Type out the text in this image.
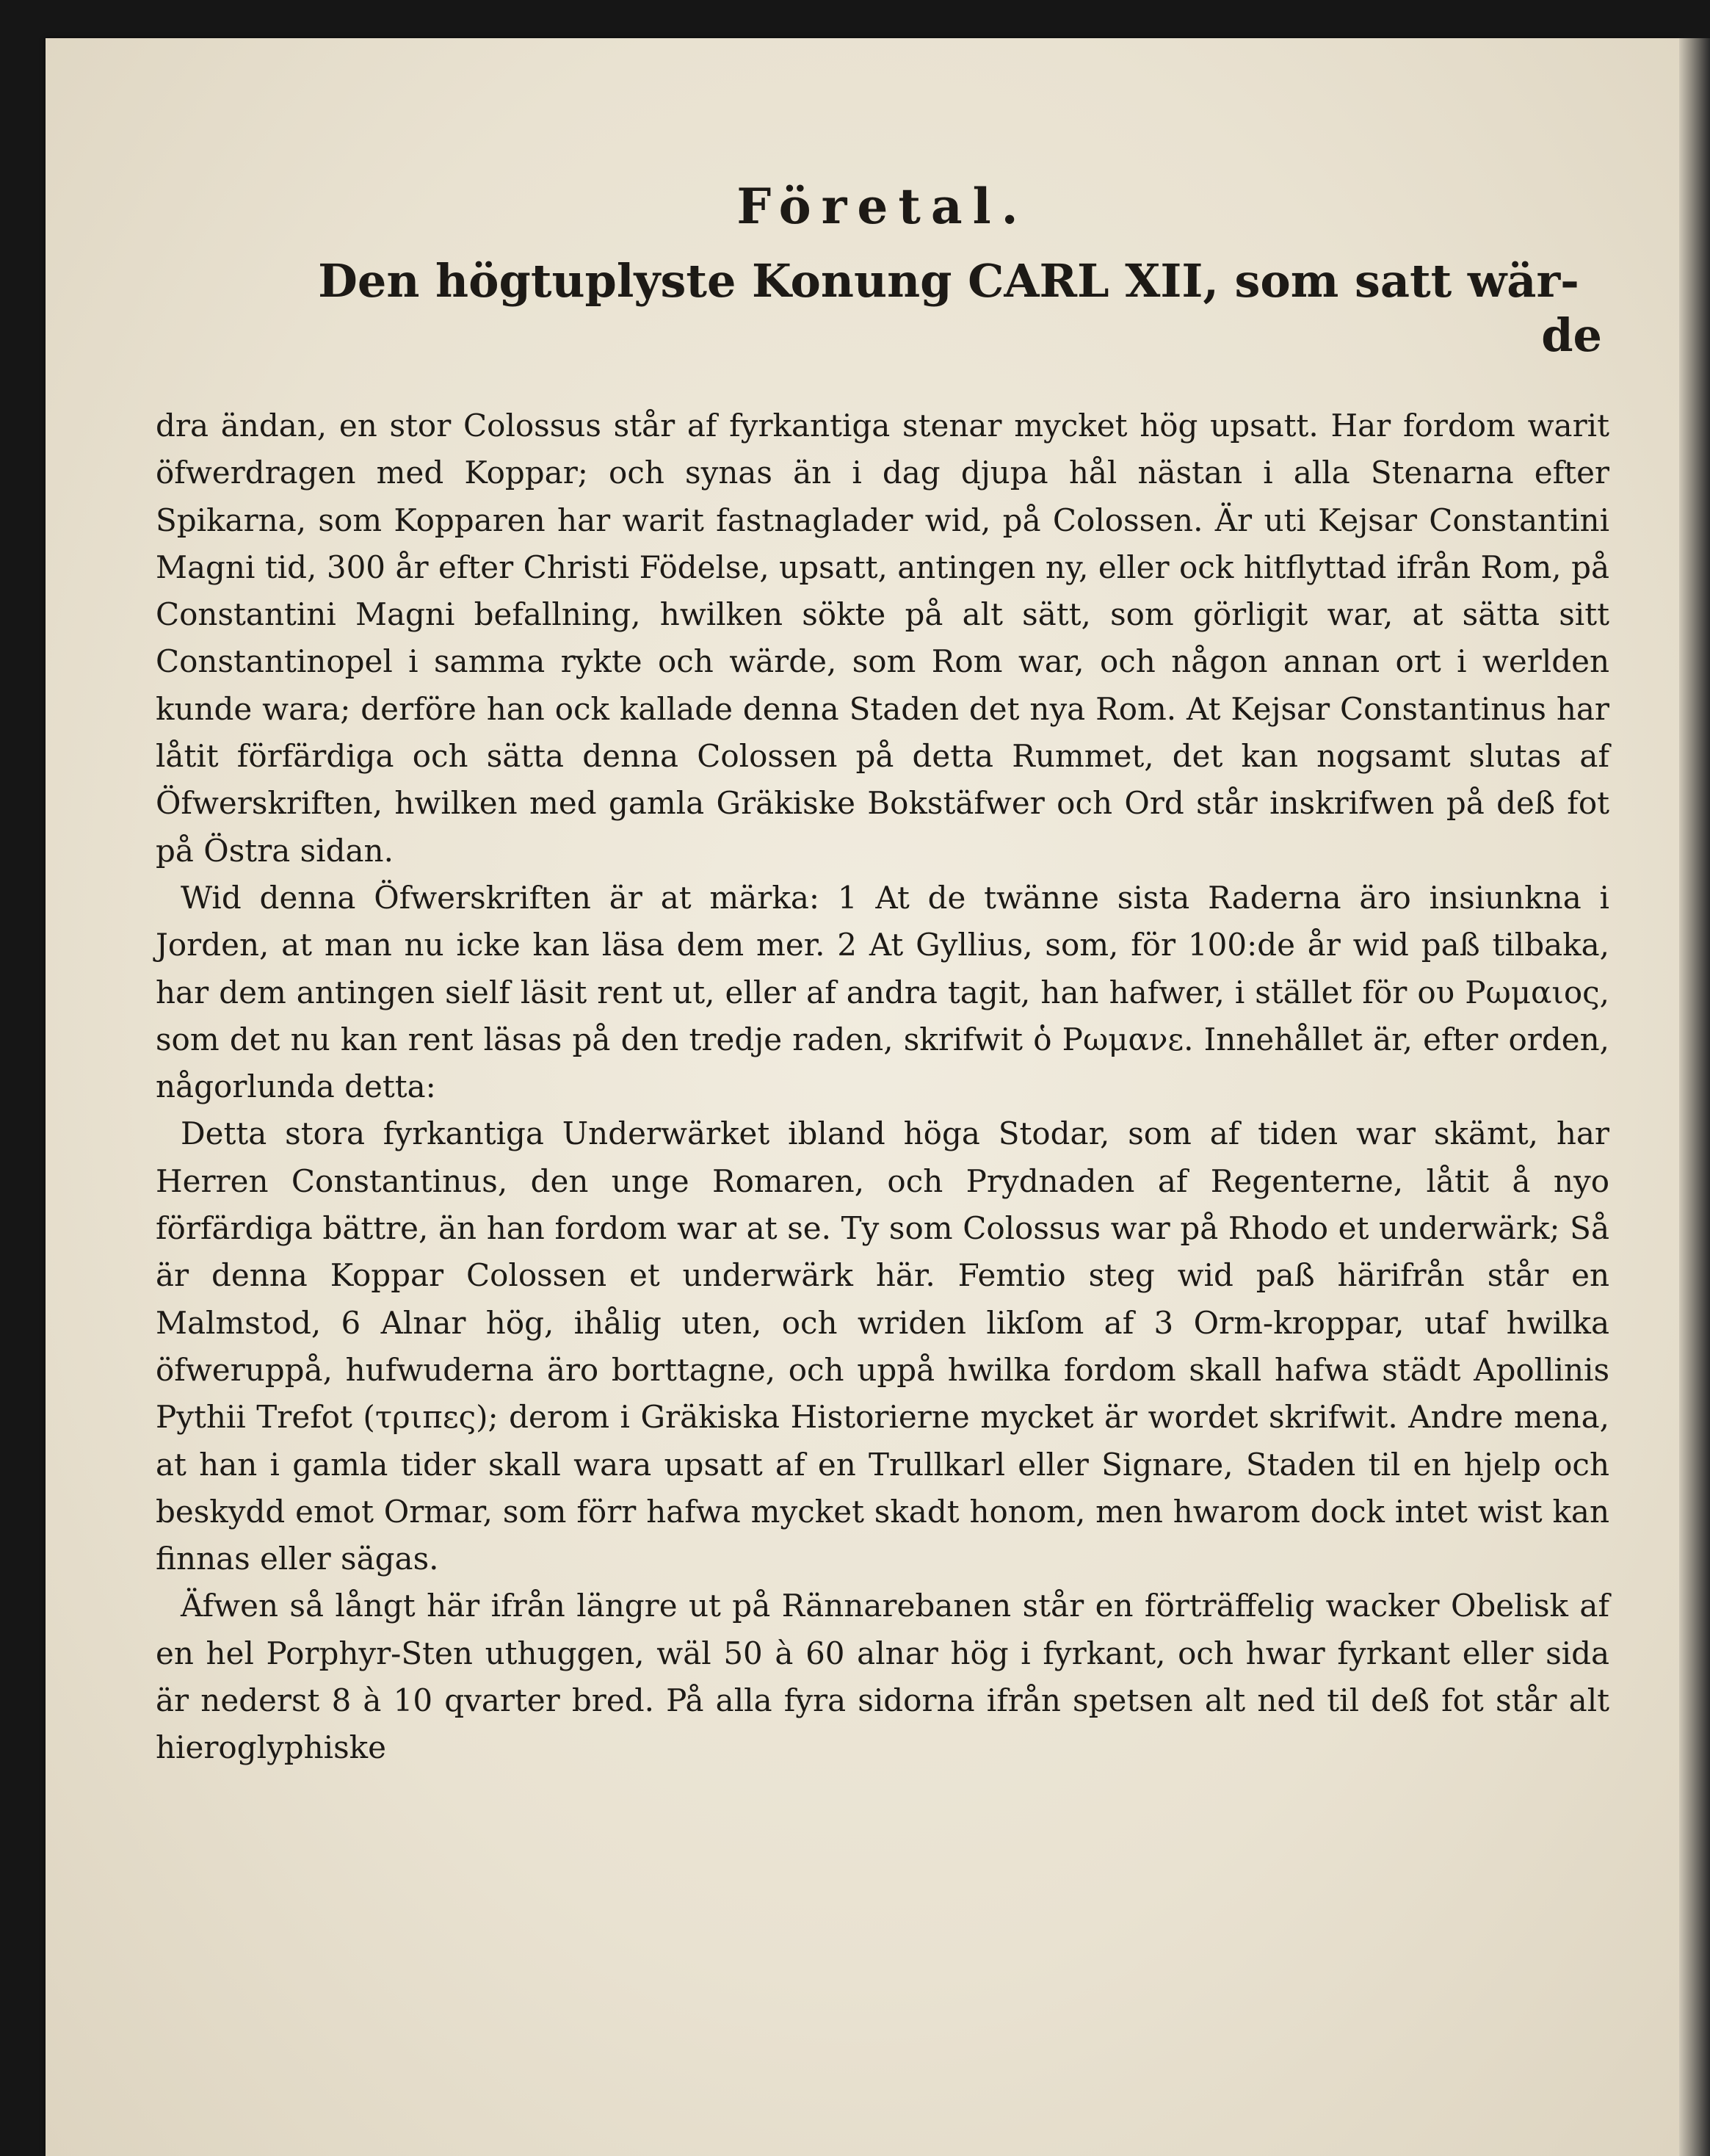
Företal.

Den högtuplyste Konung CARL XII, som satt wär-

de

dra ändan, en stor Colossus står af fyrkantiga stenar mycket hög upsatt. Har fordom warit öfwerdragen med Koppar; och synas än i dag djupa hål nästan i alla Stenarna efter Spikarna, som Kopparen har warit fastnaglader wid, på Colossen. Är uti Kejsar Constantini Magni tid, 300 år efter Christi Födelse, upsatt, antingen ny, eller ock hitflyttad ifrån Rom, på Constantini Magni befallning, hwilken sökte på alt sätt, som görligit war, at sätta sitt Constantinopel i samma rykte och wärde, som Rom war, och någon annan ort i werlden kunde wara; derföre han ock kallade denna Staden det nya Rom. At Kejsar Constantinus har låtit förfärdiga och sätta denna Colossen på detta Rummet, det kan nogsamt slutas af Öfwerskriften, hwilken med gamla Gräkiske Bokstäfwer och Ord står inskrifwen på deß fot på Östra sidan.

Wid denna Öfwerskriften är at märka: 1 At de twänne sista Raderna äro insiunkna i Jorden, at man nu icke kan läsa dem mer. 2 At Gyllius, som, för 100:de år wid paß tilbaka, har dem antingen sielf läsit rent ut, eller af andra tagit, han hafwer, i stället för ου Ρωμαιος, som det nu kan rent läsas på den tredje raden, skrifwit ὁ Ρωμανε. Innehållet är, efter orden, någorlunda detta:

Detta stora fyrkantiga Underwärket ibland höga Stodar, som af tiden war skämt, har Herren Constantinus, den unge Romaren, och Prydnaden af Regenterne, låtit å nyo förfärdiga bättre, än han fordom war at se. Ty som Colossus war på Rhodo et underwärk; Så är denna Koppar Colossen et underwärk här. Femtio steg wid paß härifrån står en Malmstod, 6 Alnar hög, ihålig uten, och wriden likſom af 3 Orm-kroppar, utaf hwilka öfweruppå, hufwuderna äro borttagne, och uppå hwilka fordom skall hafwa städt Apollinis Pythii Trefot (τριπες); derom i Gräkiska Historierne mycket är wordet skrifwit. Andre mena, at han i gamla tider skall wara upsatt af en Trullkarl eller Signare, Staden til en hjelp och beskydd emot Ormar, som förr hafwa mycket skadt honom, men hwarom dock intet wist kan finnas eller sägas.

Äfwen så långt här ifrån längre ut på Rännarebanen står en förträffelig wacker Obelisk af en hel Porphyr-Sten uthuggen, wäl 50 à 60 alnar hög i fyrkant, och hwar fyrkant eller sida är nederst 8 à 10 qvarter bred. På alla fyra sidorna ifrån spetsen alt ned til deß fot står alt hieroglyphiske
